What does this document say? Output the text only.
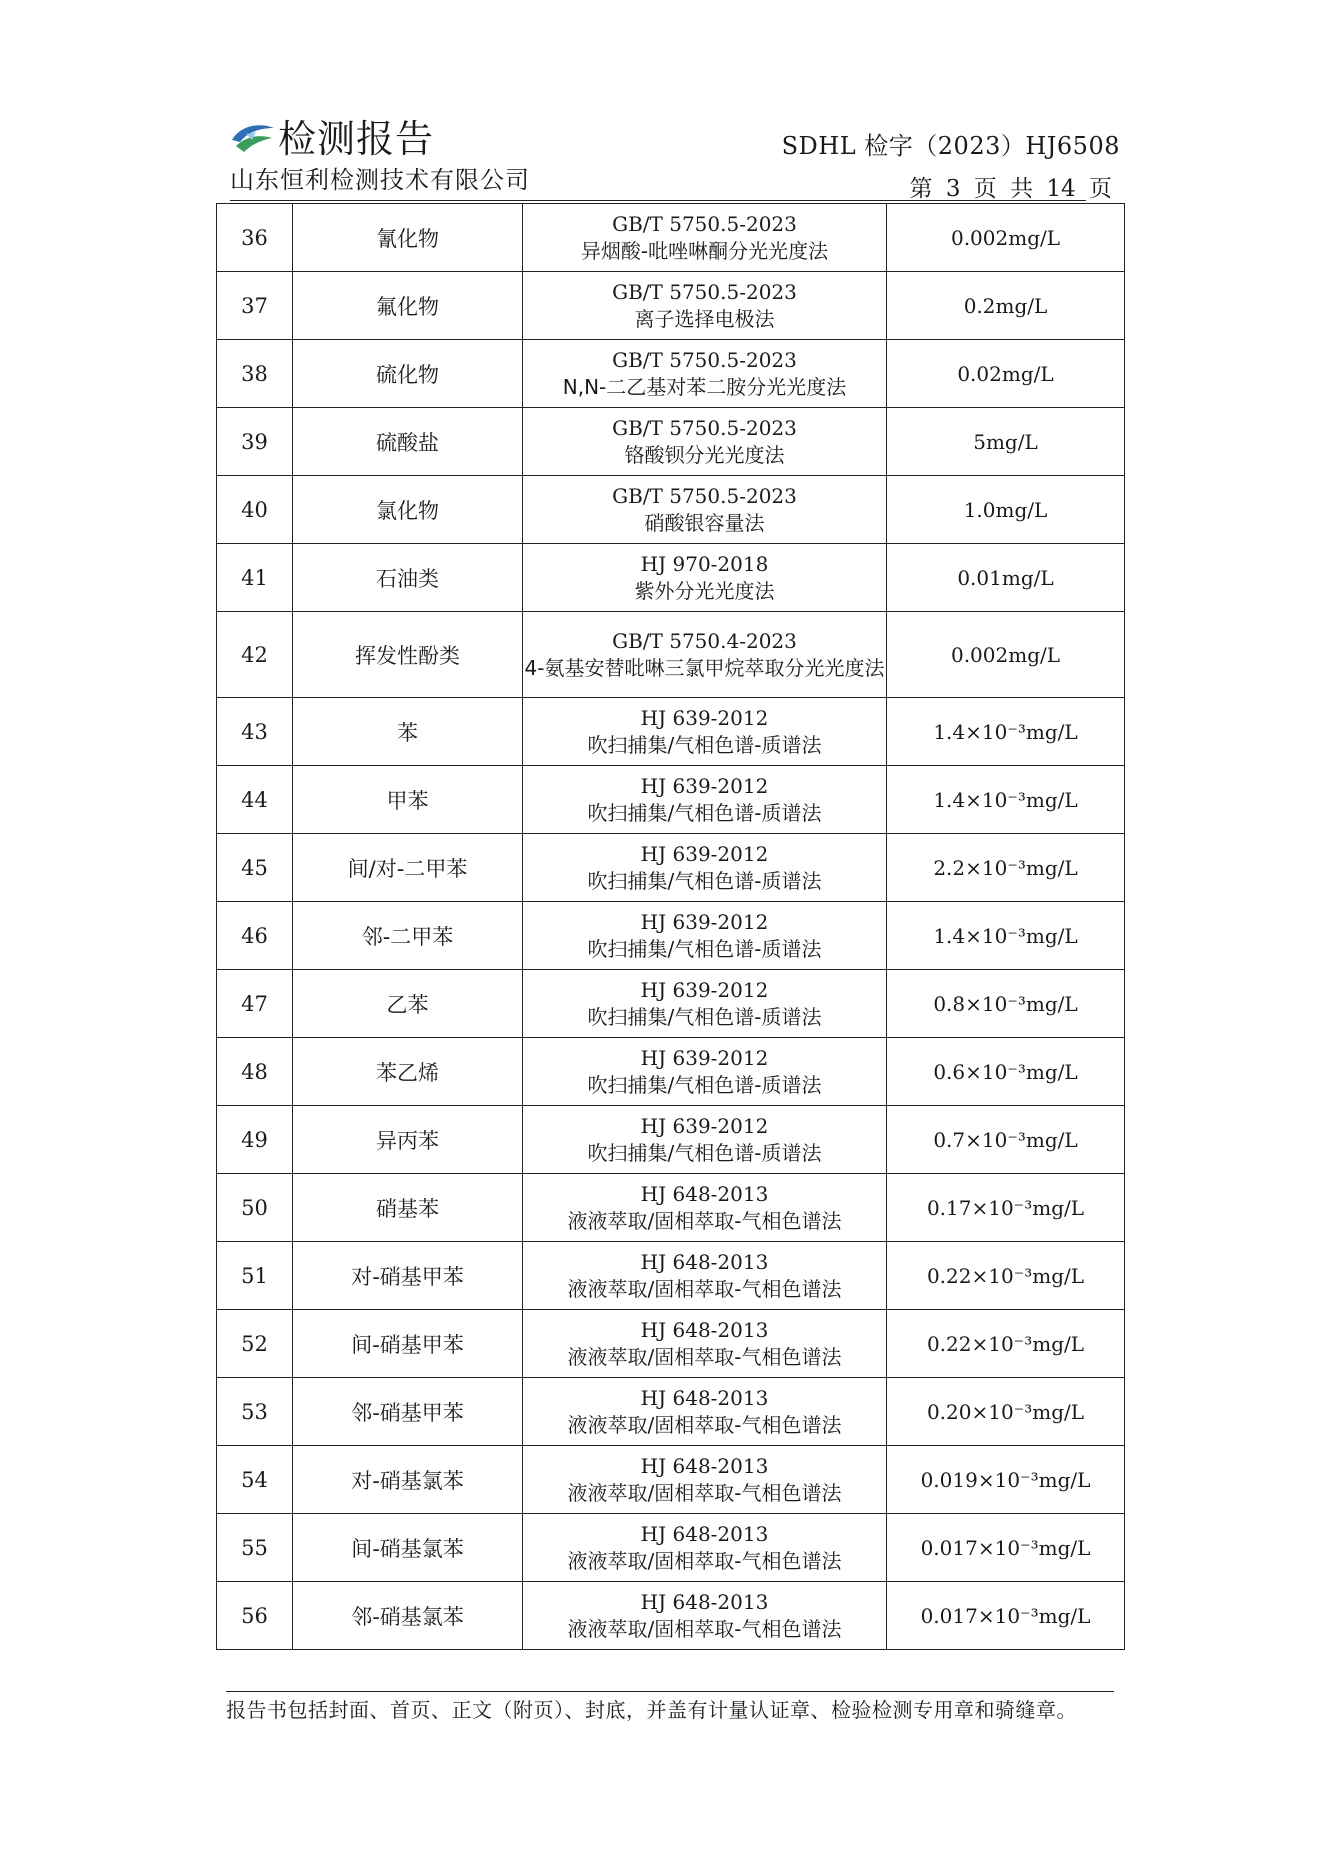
检测报告
山东恒利检测技术有限公司
SDHL 检字（2023）HJ6508
第 3 页 共 14 页
36	氰化物	GB/T 5750.5-2023
异烟酸-吡唑啉酮分光光度法	0.002mg/L
37	氟化物	GB/T 5750.5-2023
离子选择电极法	0.2mg/L
38	硫化物	GB/T 5750.5-2023
N,N-二乙基对苯二胺分光光度法	0.02mg/L
39	硫酸盐	GB/T 5750.5-2023
铬酸钡分光光度法	5mg/L
40	氯化物	GB/T 5750.5-2023
硝酸银容量法	1.0mg/L
41	石油类	HJ 970-2018
紫外分光光度法	0.01mg/L
42	挥发性酚类	GB/T 5750.4-2023
4-氨基安替吡啉三氯甲烷萃取分光光度法	0.002mg/L
43	苯	HJ 639-2012
吹扫捕集/气相色谱-质谱法	1.4×10⁻³mg/L
44	甲苯	HJ 639-2012
吹扫捕集/气相色谱-质谱法	1.4×10⁻³mg/L
45	间/对-二甲苯	HJ 639-2012
吹扫捕集/气相色谱-质谱法	2.2×10⁻³mg/L
46	邻-二甲苯	HJ 639-2012
吹扫捕集/气相色谱-质谱法	1.4×10⁻³mg/L
47	乙苯	HJ 639-2012
吹扫捕集/气相色谱-质谱法	0.8×10⁻³mg/L
48	苯乙烯	HJ 639-2012
吹扫捕集/气相色谱-质谱法	0.6×10⁻³mg/L
49	异丙苯	HJ 639-2012
吹扫捕集/气相色谱-质谱法	0.7×10⁻³mg/L
50	硝基苯	HJ 648-2013
液液萃取/固相萃取-气相色谱法	0.17×10⁻³mg/L
51	对-硝基甲苯	HJ 648-2013
液液萃取/固相萃取-气相色谱法	0.22×10⁻³mg/L
52	间-硝基甲苯	HJ 648-2013
液液萃取/固相萃取-气相色谱法	0.22×10⁻³mg/L
53	邻-硝基甲苯	HJ 648-2013
液液萃取/固相萃取-气相色谱法	0.20×10⁻³mg/L
54	对-硝基氯苯	HJ 648-2013
液液萃取/固相萃取-气相色谱法	0.019×10⁻³mg/L
55	间-硝基氯苯	HJ 648-2013
液液萃取/固相萃取-气相色谱法	0.017×10⁻³mg/L
56	邻-硝基氯苯	HJ 648-2013
液液萃取/固相萃取-气相色谱法	0.017×10⁻³mg/L
报告书包括封面、首页、正文（附页）、封底，并盖有计量认证章、检验检测专用章和骑缝章。
